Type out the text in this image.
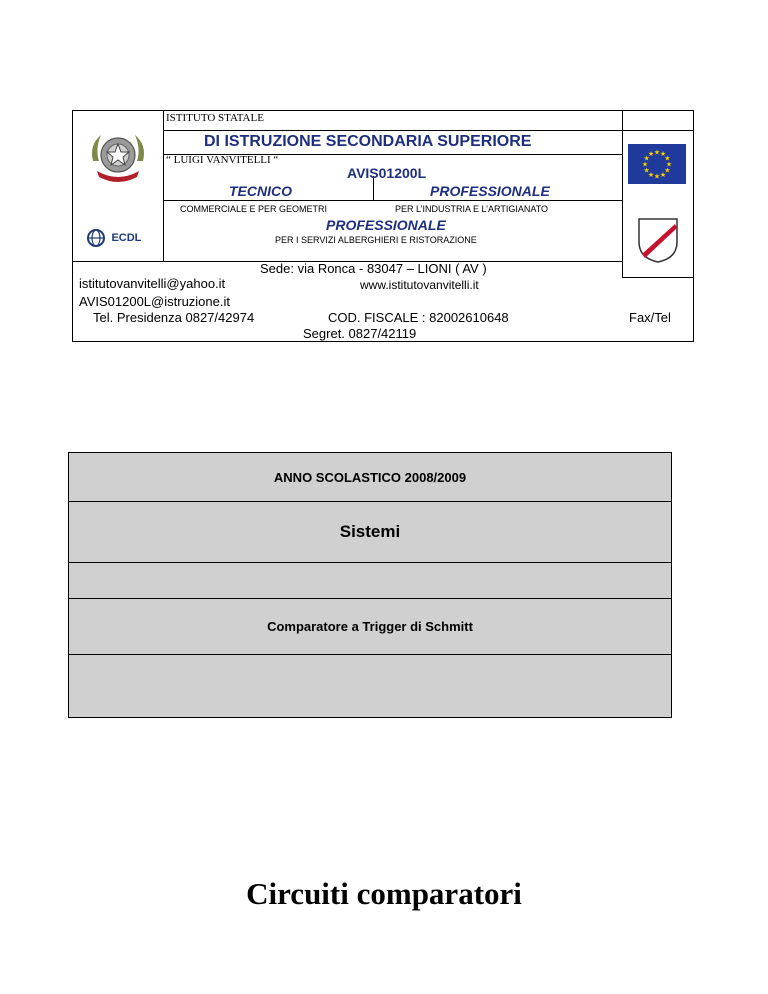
ISTITUTO STATALE
DI ISTRUZIONE SECONDARIA SUPERIORE
“ LUIGI VANVITELLI “
AVIS01200L
TECNICO	PROFESSIONALE
COMMERCIALE E PER GEOMETRI	PER L’INDUSTRIA E L’ARTIGIANATO
PROFESSIONALE
PER I SERVIZI ALBERGHIERI E RISTORAZIONE
ECDL
★
★
★
★
★
★
★
★
★ ★ ★
★
Sede: via Ronca - 83047 – LIONI ( AV )
istitutovanvitelli@yahoo.it	www.istitutovanvitelli.it
AVIS01200L@istruzione.it
Tel. Presidenza 0827/42974	COD. FISCALE : 82002610648	Fax/Tel
Segret. 0827/42119
ANNO SCOLASTICO 2008/2009
Sistemi
Comparatore a Trigger di Schmitt
Circuiti comparatori
